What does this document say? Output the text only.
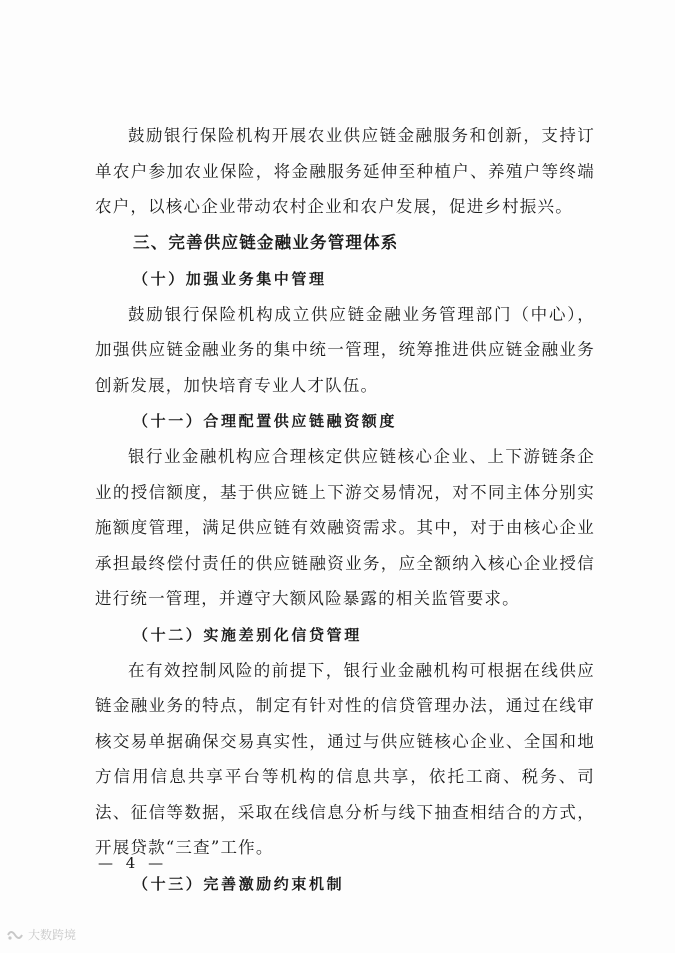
鼓励银行保险机构开展农业供应链金融服务和创新，支持订单农户参加农业保险，将金融服务延伸至种植户、养殖户等终端农户，以核心企业带动农村企业和农户发展，促进乡村振兴。

三、完善供应链金融业务管理体系

（十）加强业务集中管理

鼓励银行保险机构成立供应链金融业务管理部门（中心），加强供应链金融业务的集中统一管理，统筹推进供应链金融业务创新发展，加快培育专业人才队伍。

（十一）合理配置供应链融资额度

银行业金融机构应合理核定供应链核心企业、上下游链条企业的授信额度，基于供应链上下游交易情况，对不同主体分别实施额度管理，满足供应链有效融资需求。其中，对于由核心企业承担最终偿付责任的供应链融资业务，应全额纳入核心企业授信进行统一管理，并遵守大额风险暴露的相关监管要求。

（十二）实施差别化信贷管理

在有效控制风险的前提下，银行业金融机构可根据在线供应链金融业务的特点，制定有针对性的信贷管理办法，通过在线审核交易单据确保交易真实性，通过与供应链核心企业、全国和地方信用信息共享平台等机构的信息共享，依托工商、税务、司法、征信等数据，采取在线信息分析与线下抽查相结合的方式，开展贷款“三查”工作。

（十三）完善激励约束机制

— 4 —
大数跨境
